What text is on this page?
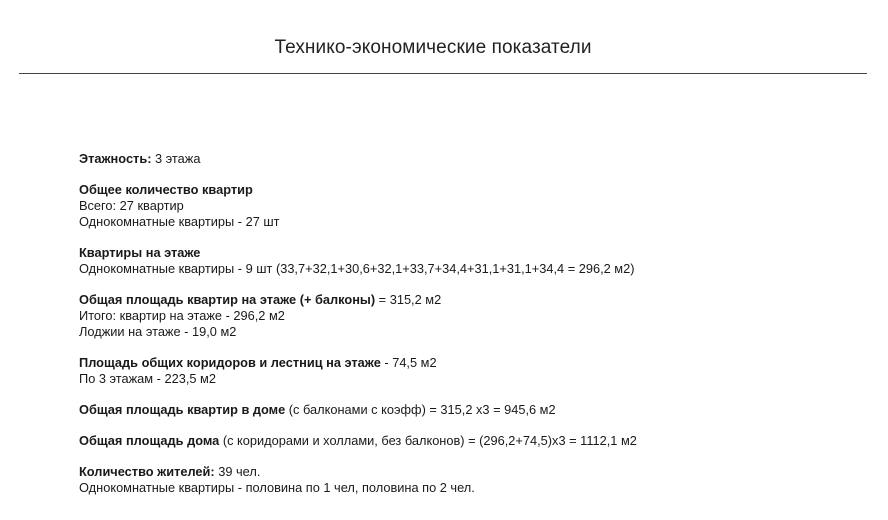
Технико-экономические показатели
Этажность: 3 этажа
Общее количество квартир
Всего: 27 квартир
Однокомнатные квартиры - 27 шт
Квартиры на этаже
Однокомнатные квартиры - 9 шт (33,7+32,1+30,6+32,1+33,7+34,4+31,1+31,1+34,4 = 296,2 м2)
Общая площадь квартир на этаже (+ балконы) = 315,2 м2
Итого: квартир на этаже - 296,2 м2
Лоджии на этаже - 19,0 м2
Площадь общих коридоров и лестниц на этаже - 74,5 м2
По 3 этажам - 223,5 м2
Общая площадь квартир в доме (с балконами с коэфф) = 315,2 х3 = 945,6 м2
Общая площадь дома (с коридорами и холлами, без балконов) = (296,2+74,5)х3 = 1112,1 м2
Количество жителей: 39 чел.
Однокомнатные квартиры - половина по 1 чел, половина по 2 чел.
